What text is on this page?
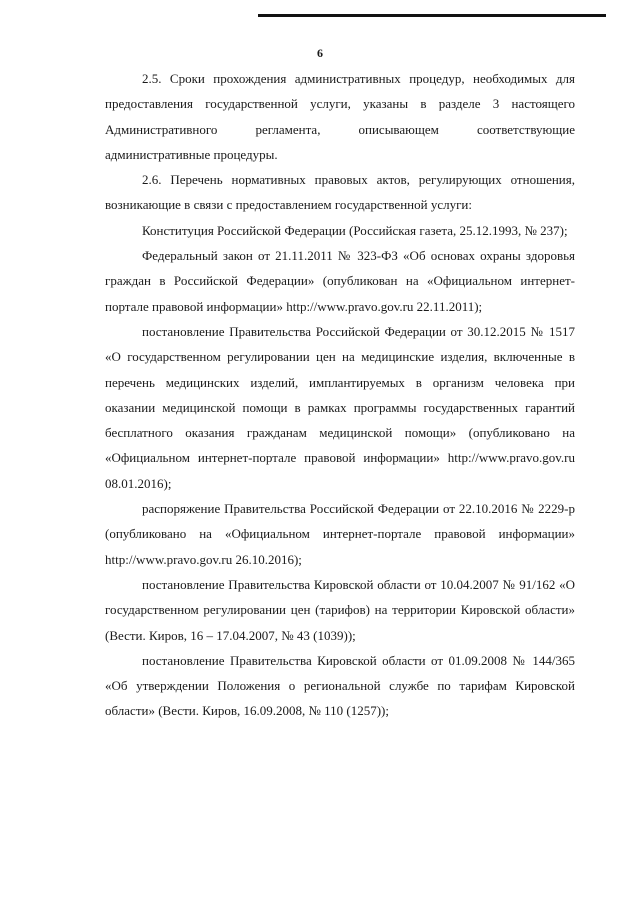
6

2.5. Сроки прохождения административных процедур, необходимых для предоставления государственной услуги, указаны в разделе 3 настоящего Административного регламента, описывающем соответствующие административные процедуры.

2.6. Перечень нормативных правовых актов, регулирующих отношения, возникающие в связи с предоставлением государственной услуги:

Конституция Российской Федерации (Российская газета, 25.12.1993, № 237);

Федеральный закон от 21.11.2011 № 323-ФЗ «Об основах охраны здоровья граждан в Российской Федерации» (опубликован на «Официальном интернет-портале правовой информации» http://www.pravo.gov.ru 22.11.2011);

постановление Правительства Российской Федерации от 30.12.2015 № 1517 «О государственном регулировании цен на медицинские изделия, включенные в перечень медицинских изделий, имплантируемых в организм человека при оказании медицинской помощи в рамках программы государственных гарантий бесплатного оказания гражданам медицинской помощи» (опубликовано на «Официальном интернет-портале правовой информации» http://www.pravo.gov.ru 08.01.2016);

распоряжение Правительства Российской Федерации от 22.10.2016 № 2229-р (опубликовано на «Официальном интернет-портале правовой информации» http://www.pravo.gov.ru 26.10.2016);

постановление Правительства Кировской области от 10.04.2007 № 91/162 «О государственном регулировании цен (тарифов) на территории Кировской области» (Вести. Киров, 16 – 17.04.2007, № 43 (1039));

постановление Правительства Кировской области от 01.09.2008 № 144/365 «Об утверждении Положения о региональной службе по тарифам Кировской области» (Вести. Киров, 16.09.2008, № 110 (1257));
